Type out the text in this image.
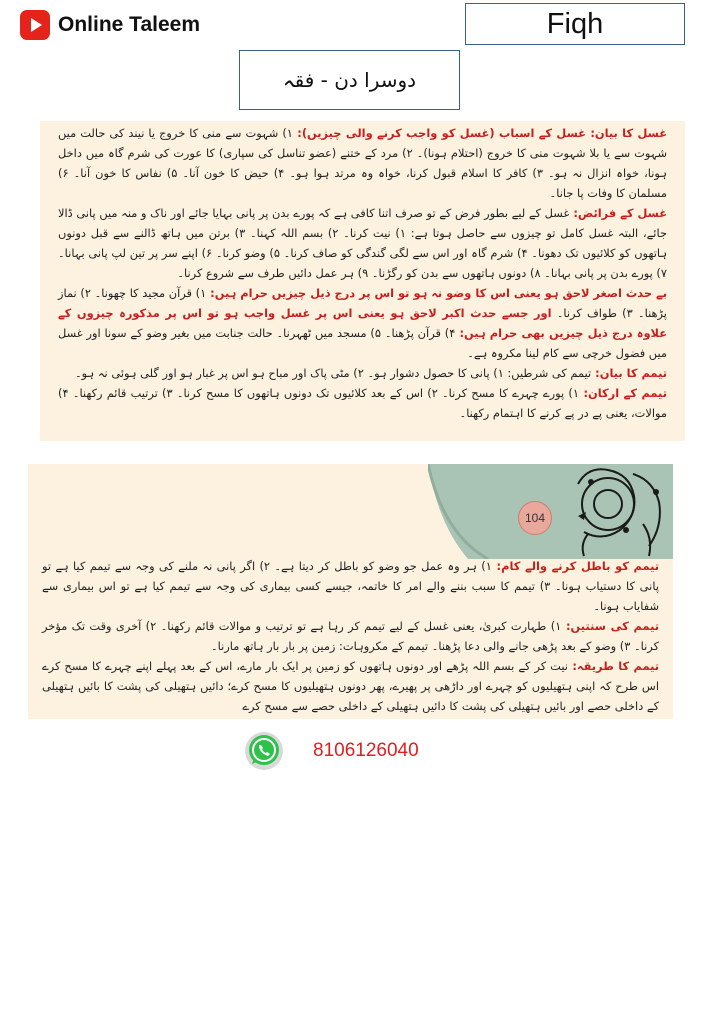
Online Taleem	Fiqh
دوسرا دن - فقہ

غسل کا بیان: غسل کے اسباب (غسل کو واجب کرنے والی چیزیں): ۱) شہوت سے منی کا خروج یا نیند کی حالت میں شہوت سے یا بلا شہوت منی کا خروج (احتلام ہونا)۔ ۲) مرد کے ختنے (عضو تناسل کی سپاری) کا عورت کی شرم گاہ میں داخل ہونا، خواہ انزال نہ ہو۔ ۳) کافر کا اسلام قبول کرنا، خواہ وہ مرتد ہوا ہو۔ ۴) حیض کا خون آنا۔ ۵) نفاس کا خون آنا۔ ۶) مسلمان کا وفات پا جانا۔

غسل کے فرائض: غسل کے لیے بطور فرض کے تو صرف اتنا کافی ہے کہ پورے بدن پر پانی بہایا جائے اور ناک و منہ میں پانی ڈالا جائے، البتہ غسل کامل تو چیزوں سے حاصل ہوتا ہے: ۱) نیت کرنا۔ ۲) بسم اللہ کہنا۔ ۳) برتن میں ہاتھ ڈالنے سے قبل دونوں ہاتھوں کو کلائیوں تک دھونا۔ ۴) شرم گاہ اور اس سے لگی گندگی کو صاف کرنا۔ ۵) وضو کرنا۔ ۶) اپنے سر پر تین لپ پانی بہانا۔ ۷) پورے بدن پر پانی بہانا۔ ۸) دونوں ہاتھوں سے بدن کو رگڑنا۔ ۹) ہر عمل دائیں طرف سے شروع کرنا۔

بے حدث اصغر لاحق ہو یعنی اس کا وضو نہ ہو تو اس پر درج ذیل چیزیں حرام ہیں: ۱) قرآن مجید کا چھونا۔ ۲) نماز پڑھنا۔ ۳) طواف کرنا۔ اور جسے حدث اکبر لاحق ہو یعنی اس پر غسل واجب ہو تو اس پر مذکورہ چیزوں کے علاوہ درج ذیل چیزیں بھی حرام ہیں: ۴) قرآن پڑھنا۔ ۵) مسجد میں ٹھہرنا۔ حالت جنابت میں بغیر وضو کے سونا اور غسل میں فضول خرچی سے کام لینا مکروہ ہے۔

تیمم کا بیان: تیمم کی شرطیں: ۱) پانی کا حصول دشوار ہو۔ ۲) مٹی پاک اور مباح ہو اس پر غبار ہو اور گلی ہوئی نہ ہو۔

تیمم کے ارکان: ۱) پورے چہرے کا مسح کرنا۔ ۲) اس کے بعد کلائیوں تک دونوں ہاتھوں کا مسح کرنا۔ ۳) ترتیب قائم رکھنا۔ ۴) موالات، یعنی پے در پے کرنے کا اہتمام رکھنا۔

104

تیمم کو باطل کرنے والے کام: ۱) ہر وہ عمل جو وضو کو باطل کر دیتا ہے۔ ۲) اگر پانی نہ ملنے کی وجہ سے تیمم کیا ہے تو پانی کا دستیاب ہونا۔ ۳) تیمم کا سبب بننے والے امر کا خاتمہ، جیسے کسی بیماری کی وجہ سے تیمم کیا ہے تو اس بیماری سے شفایاب ہونا۔

تیمم کی سنتیں: ۱) طہارت کبریٰ، یعنی غسل کے لیے تیمم کر رہا ہے تو ترتیب و موالات قائم رکھنا۔ ۲) آخری وقت تک مؤخر کرنا۔ ۳) وضو کے بعد پڑھی جانے والی دعا پڑھنا۔ تیمم کے مکروہات: زمین پر بار بار ہاتھ مارنا۔

تیمم کا طریقہ: نیت کر کے بسم اللہ پڑھے اور دونوں ہاتھوں کو زمین پر ایک بار مارے، اس کے بعد پہلے اپنے چہرے کا مسح کرے اس طرح کہ اپنی ہتھیلیوں کو چہرے اور داڑھی پر پھیرے، پھر دونوں ہتھیلیوں کا مسح کرے؛ دائیں ہتھیلی کی پشت کا بائیں ہتھیلی کے داخلی حصے اور بائیں ہتھیلی کی پشت کا دائیں ہتھیلی کے داخلی حصے سے مسح کرے

8106126040
